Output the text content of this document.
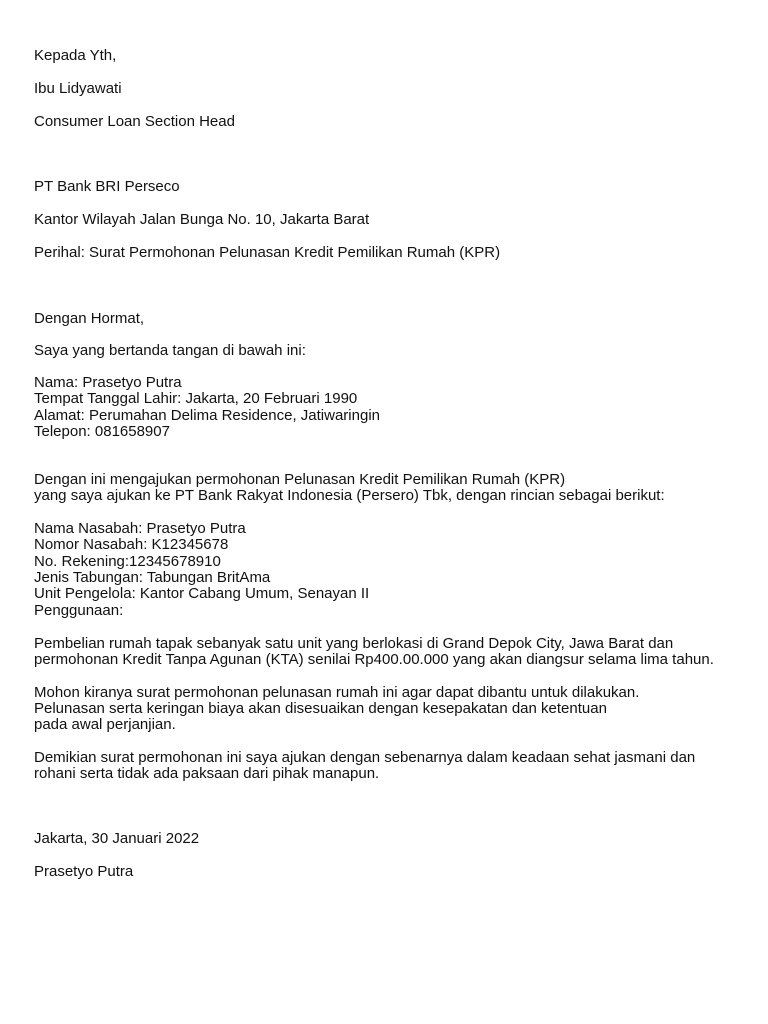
Kepada Yth,

Ibu Lidyawati

Consumer Loan Section Head

PT Bank BRI Perseco

Kantor Wilayah Jalan Bunga No. 10, Jakarta Barat

Perihal: Surat Permohonan Pelunasan Kredit Pemilikan Rumah (KPR)

Dengan Hormat,

Saya yang bertanda tangan di bawah ini:

Nama: Prasetyo Putra

Tempat Tanggal Lahir: Jakarta, 20 Februari 1990

Alamat: Perumahan Delima Residence, Jatiwaringin

Telepon: 081658907

Dengan ini mengajukan permohonan Pelunasan Kredit Pemilikan Rumah (KPR)

yang saya ajukan ke PT Bank Rakyat Indonesia (Persero) Tbk, dengan rincian sebagai berikut:

Nama Nasabah: Prasetyo Putra

Nomor Nasabah: K12345678

No. Rekening:12345678910

Jenis Tabungan: Tabungan BritAma

Unit Pengelola: Kantor Cabang Umum, Senayan II

Penggunaan:

Pembelian rumah tapak sebanyak satu unit yang berlokasi di Grand Depok City, Jawa Barat dan

permohonan Kredit Tanpa Agunan (KTA) senilai Rp400.00.000 yang akan diangsur selama lima tahun.

Mohon kiranya surat permohonan pelunasan rumah ini agar dapat dibantu untuk dilakukan.

Pelunasan serta keringan biaya akan disesuaikan dengan kesepakatan dan ketentuan

pada awal perjanjian.

Demikian surat permohonan ini saya ajukan dengan sebenarnya dalam keadaan sehat jasmani dan

rohani serta tidak ada paksaan dari pihak manapun.

Jakarta, 30 Januari 2022

Prasetyo Putra
